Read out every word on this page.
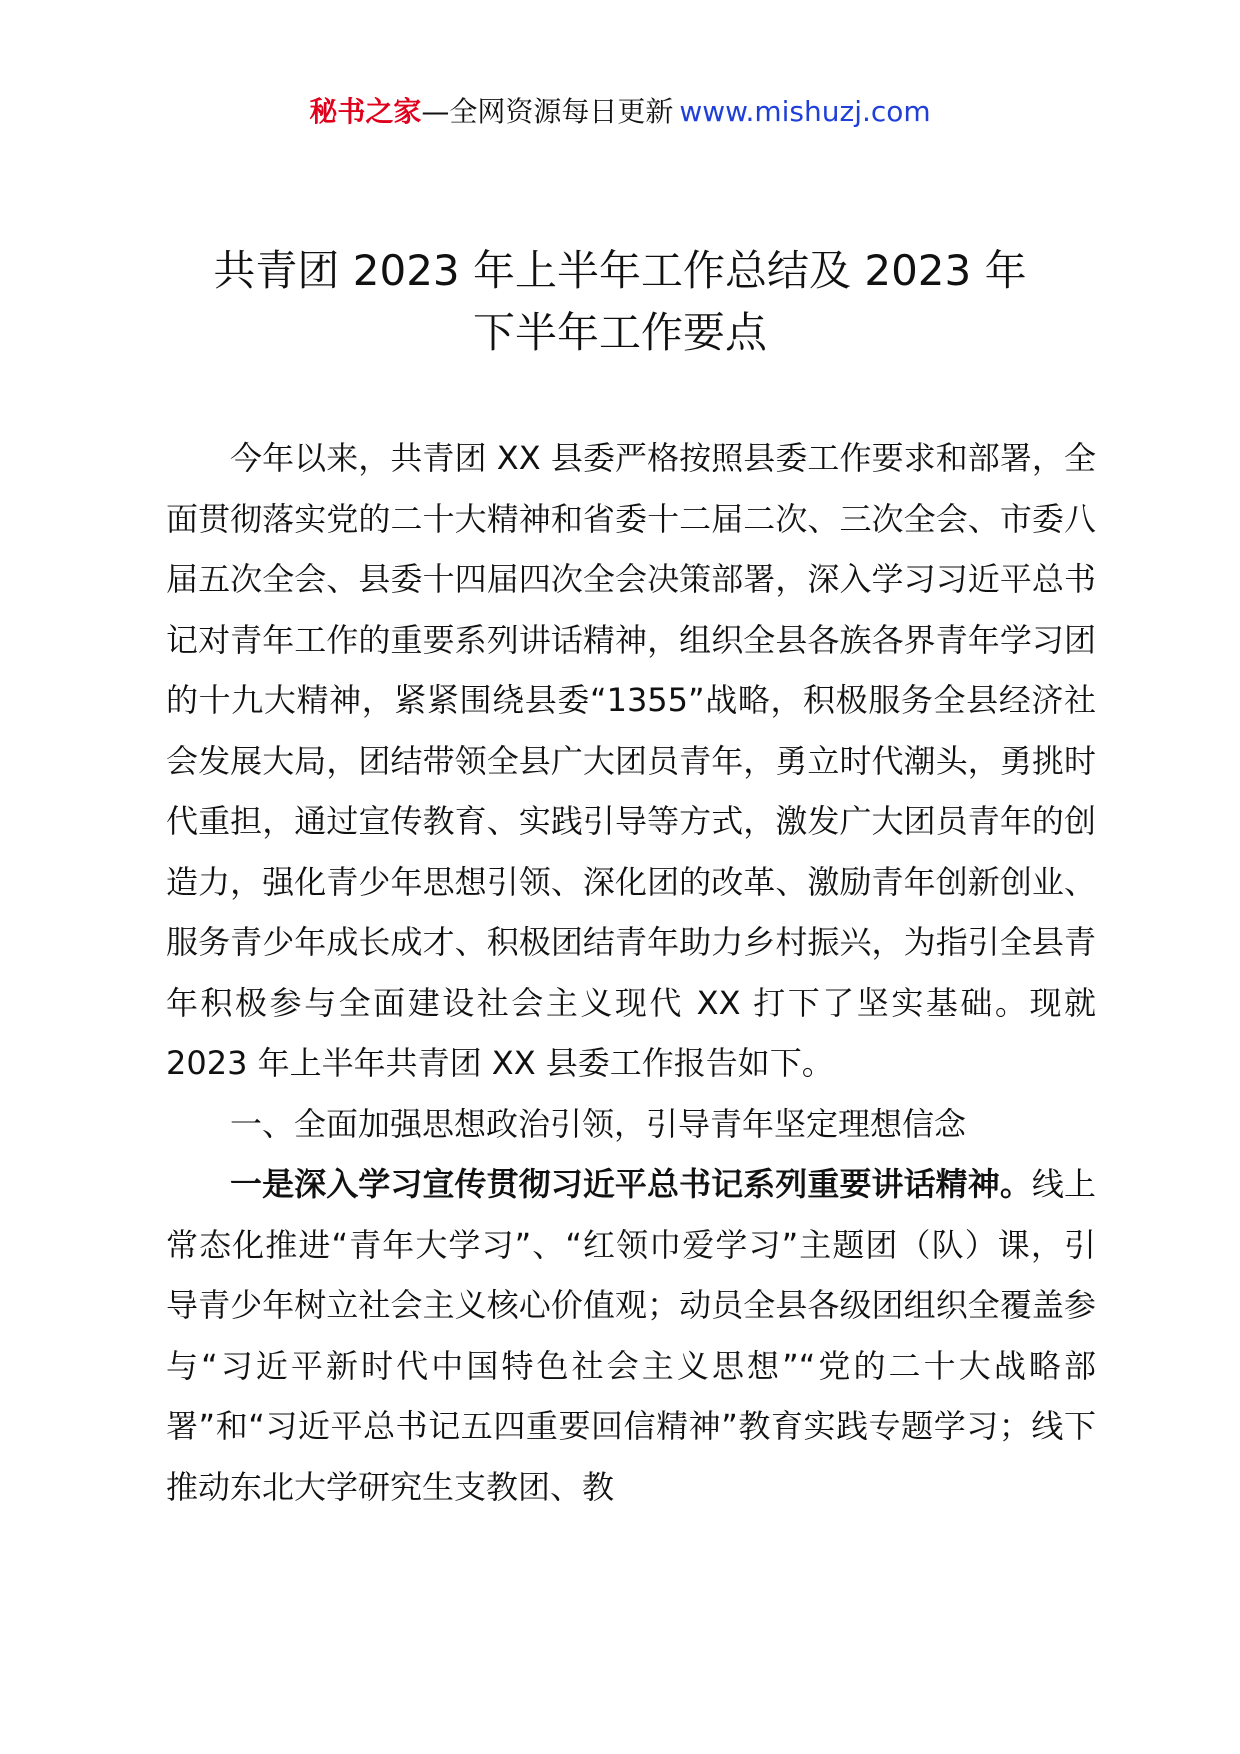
秘书之家—全网资源每日更新 www.mishuzj.com
共青团 2023 年上半年工作总结及 2023 年
下半年工作要点

今年以来，共青团 XX 县委严格按照县委工作要求和部署，全面贯彻落实党的二十大精神和省委十二届二次、三次全会、市委八届五次全会、县委十四届四次全会决策部署，深入学习习近平总书记对青年工作的重要系列讲话精神，组织全县各族各界青年学习团的十九大精神，紧紧围绕县委“1355”战略，积极服务全县经济社会发展大局，团结带领全县广大团员青年，勇立时代潮头，勇挑时代重担，通过宣传教育、实践引导等方式，激发广大团员青年的创造力，强化青少年思想引领、深化团的改革、激励青年创新创业、服务青少年成长成才、积极团结青年助力乡村振兴，为指引全县青年积极参与全面建设社会主义现代 XX 打下了坚实基础。现就 2023 年上半年共青团 XX 县委工作报告如下。

一、全面加强思想政治引领，引导青年坚定理想信念

一是深入学习宣传贯彻习近平总书记系列重要讲话精神。线上常态化推进“青年大学习”、“红领巾爱学习”主题团（队）课，引导青少年树立社会主义核心价值观；动员全县各级团组织全覆盖参与“习近平新时代中国特色社会主义思想”“党的二十大战略部署”和“习近平总书记五四重要回信精神”教育实践专题学习；线下推动东北大学研究生支教团、教
